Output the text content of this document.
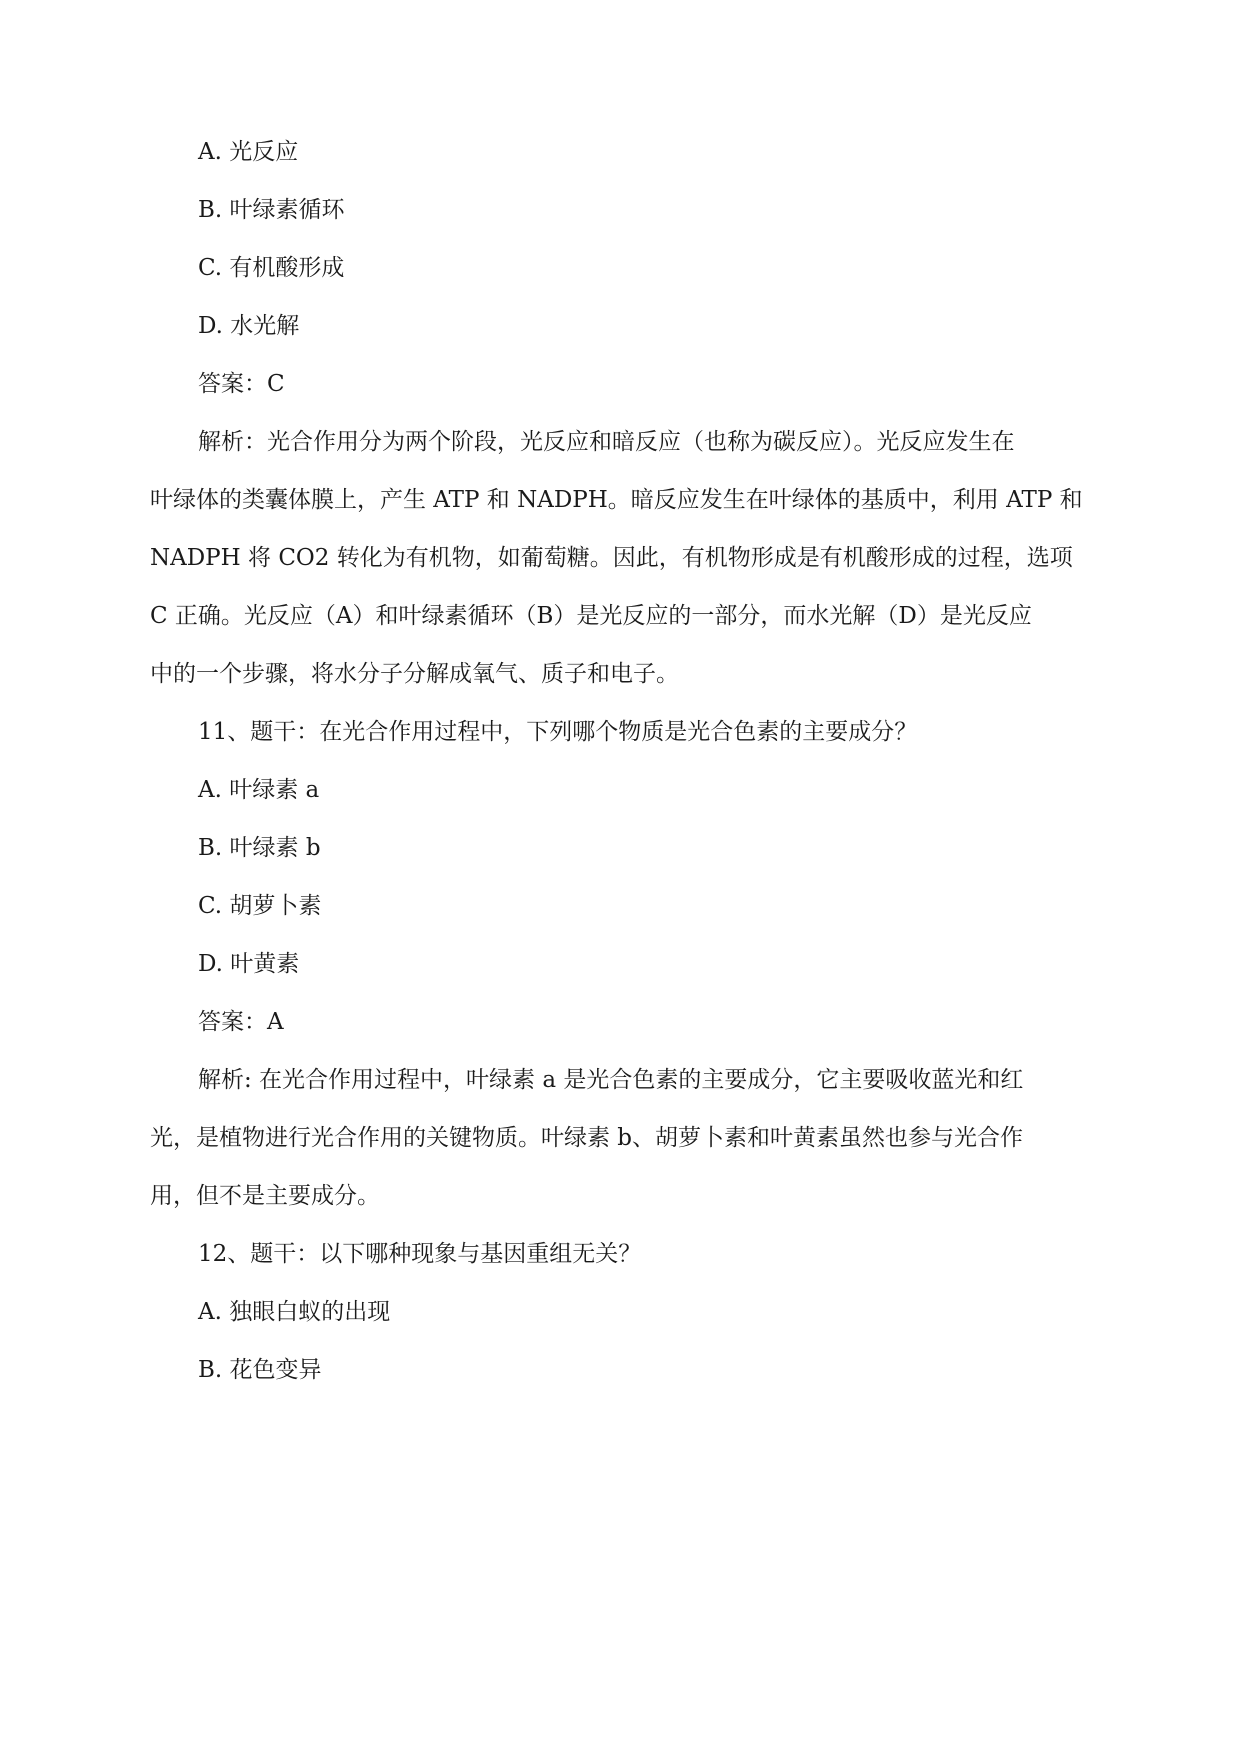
A. 光反应
B. 叶绿素循环
C. 有机酸形成
D. 水光解
答案：C
解析：光合作用分为两个阶段，光反应和暗反应（也称为碳反应）。光反应发生在
叶绿体的类囊体膜上，产生 ATP 和 NADPH。暗反应发生在叶绿体的基质中，利用 ATP 和
NADPH 将 CO2 转化为有机物，如葡萄糖。因此，有机物形成是有机酸形成的过程，选项
C 正确。光反应（A）和叶绿素循环（B）是光反应的一部分，而水光解（D）是光反应
中的一个步骤，将水分子分解成氧气、质子和电子。
11、题干：在光合作用过程中，下列哪个物质是光合色素的主要成分？
A. 叶绿素 a
B. 叶绿素 b
C. 胡萝卜素
D. 叶黄素
答案：A
解析: 在光合作用过程中，叶绿素 a 是光合色素的主要成分，它主要吸收蓝光和红
光，是植物进行光合作用的关键物质。叶绿素 b、胡萝卜素和叶黄素虽然也参与光合作
用，但不是主要成分。
12、题干：以下哪种现象与基因重组无关？
A. 独眼白蚁的出现
B. 花色变异
